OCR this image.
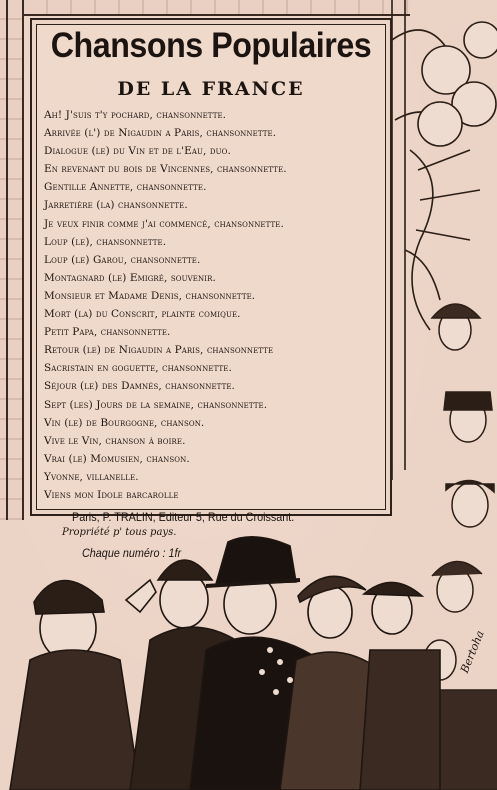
Chansons Populaires
DE LA FRANCE
Ah! J'suis t'y pochard, chansonnette.
Arrivée (l') de Nigaudin a Paris, chansonnette.
Dialogue (le) du Vin et de l'Eau, duo.
En revenant du bois de Vincennes, chansonnette.
Gentille Annette, chansonnette.
Jarretière (la) chansonnette.
Je veux finir comme j'ai commencé, chansonnette.
Loup (le), chansonnette.
Loup (le) Garou, chansonnette.
Montagnard (le) Emigré, souvenir.
Monsieur et Madame Denis, chansonnette.
Mort (la) du Conscrit, plainte comique.
Petit Papa, chansonnette.
Retour (le) de Nigaudin a Paris, chansonnette
Sacristain en goguette, chansonnette.
Séjour (le) des Damnés, chansonnette.
Sept (les) Jours de la semaine, chansonnette.
Vin (le) de Bourgogne, chanson.
Vive le Vin, chanson à boire.
Vrai (le) Momusien, chanson.
Yvonne, villanelle.
Viens mon Idole barcarolle
Paris, P. TRALIN, Editeur 5, Rue du Croissant.
Propriété p' tous pays.
Chaque numéro : 1fr
Bertoha
